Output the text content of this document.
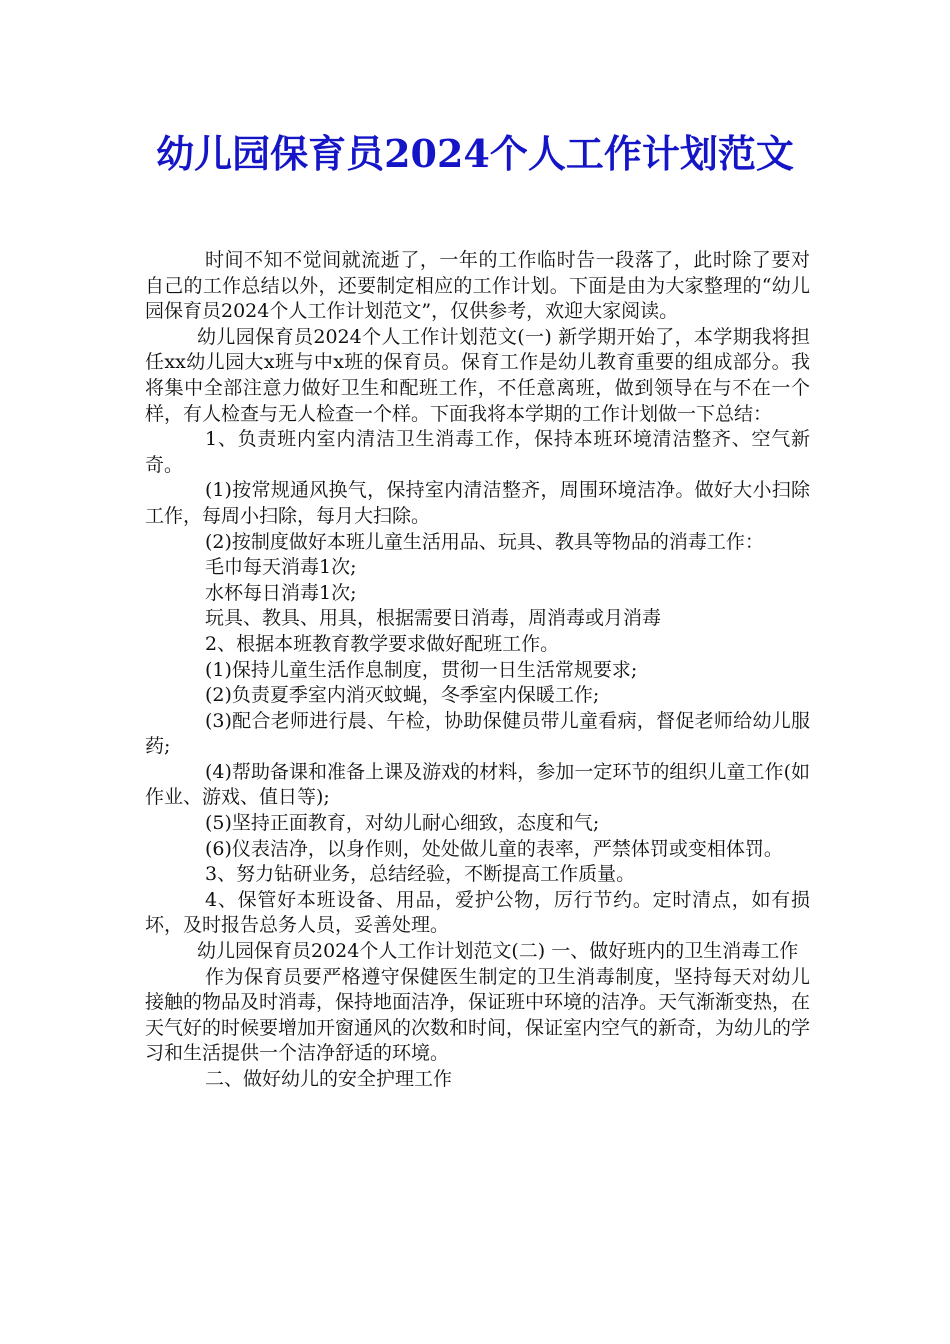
幼儿园保育员2024个人工作计划范文

时间不知不觉间就流逝了，一年的工作临时告一段落了，此时除了要对自己的工作总结以外，还要制定相应的工作计划。下面是由为大家整理的“幼儿园保育员2024个人工作计划范文”，仅供参考，欢迎大家阅读。

幼儿园保育员2024个人工作计划范文(一) 新学期开始了，本学期我将担任xx幼儿园大x班与中x班的保育员。保育工作是幼儿教育重要的组成部分。我将集中全部注意力做好卫生和配班工作，不任意离班，做到领导在与不在一个样，有人检查与无人检查一个样。下面我将本学期的工作计划做一下总结：

1、负责班内室内清洁卫生消毒工作，保持本班环境清洁整齐、空气新奇。

(1)按常规通风换气，保持室内清洁整齐，周围环境洁净。做好大小扫除工作，每周小扫除，每月大扫除。

(2)按制度做好本班儿童生活用品、玩具、教具等物品的消毒工作：

毛巾每天消毒1次;

水杯每日消毒1次;

玩具、教具、用具，根据需要日消毒，周消毒或月消毒

2、根据本班教育教学要求做好配班工作。

(1)保持儿童生活作息制度，贯彻一日生活常规要求;

(2)负责夏季室内消灭蚊蝇，冬季室内保暖工作;

(3)配合老师进行晨、午检，协助保健员带儿童看病，督促老师给幼儿服药;

(4)帮助备课和准备上课及游戏的材料，参加一定环节的组织儿童工作(如作业、游戏、值日等);

(5)坚持正面教育，对幼儿耐心细致，态度和气;

(6)仪表洁净，以身作则，处处做儿童的表率，严禁体罚或变相体罚。

3、努力钻研业务，总结经验，不断提高工作质量。

4、保管好本班设备、用品，爱护公物，厉行节约。定时清点，如有损坏，及时报告总务人员，妥善处理。

幼儿园保育员2024个人工作计划范文(二) 一、做好班内的卫生消毒工作

作为保育员要严格遵守保健医生制定的卫生消毒制度，坚持每天对幼儿接触的物品及时消毒，保持地面洁净，保证班中环境的洁净。天气渐渐变热，在天气好的时候要增加开窗通风的次数和时间，保证室内空气的新奇，为幼儿的学习和生活提供一个洁净舒适的环境。

二、做好幼儿的安全护理工作
